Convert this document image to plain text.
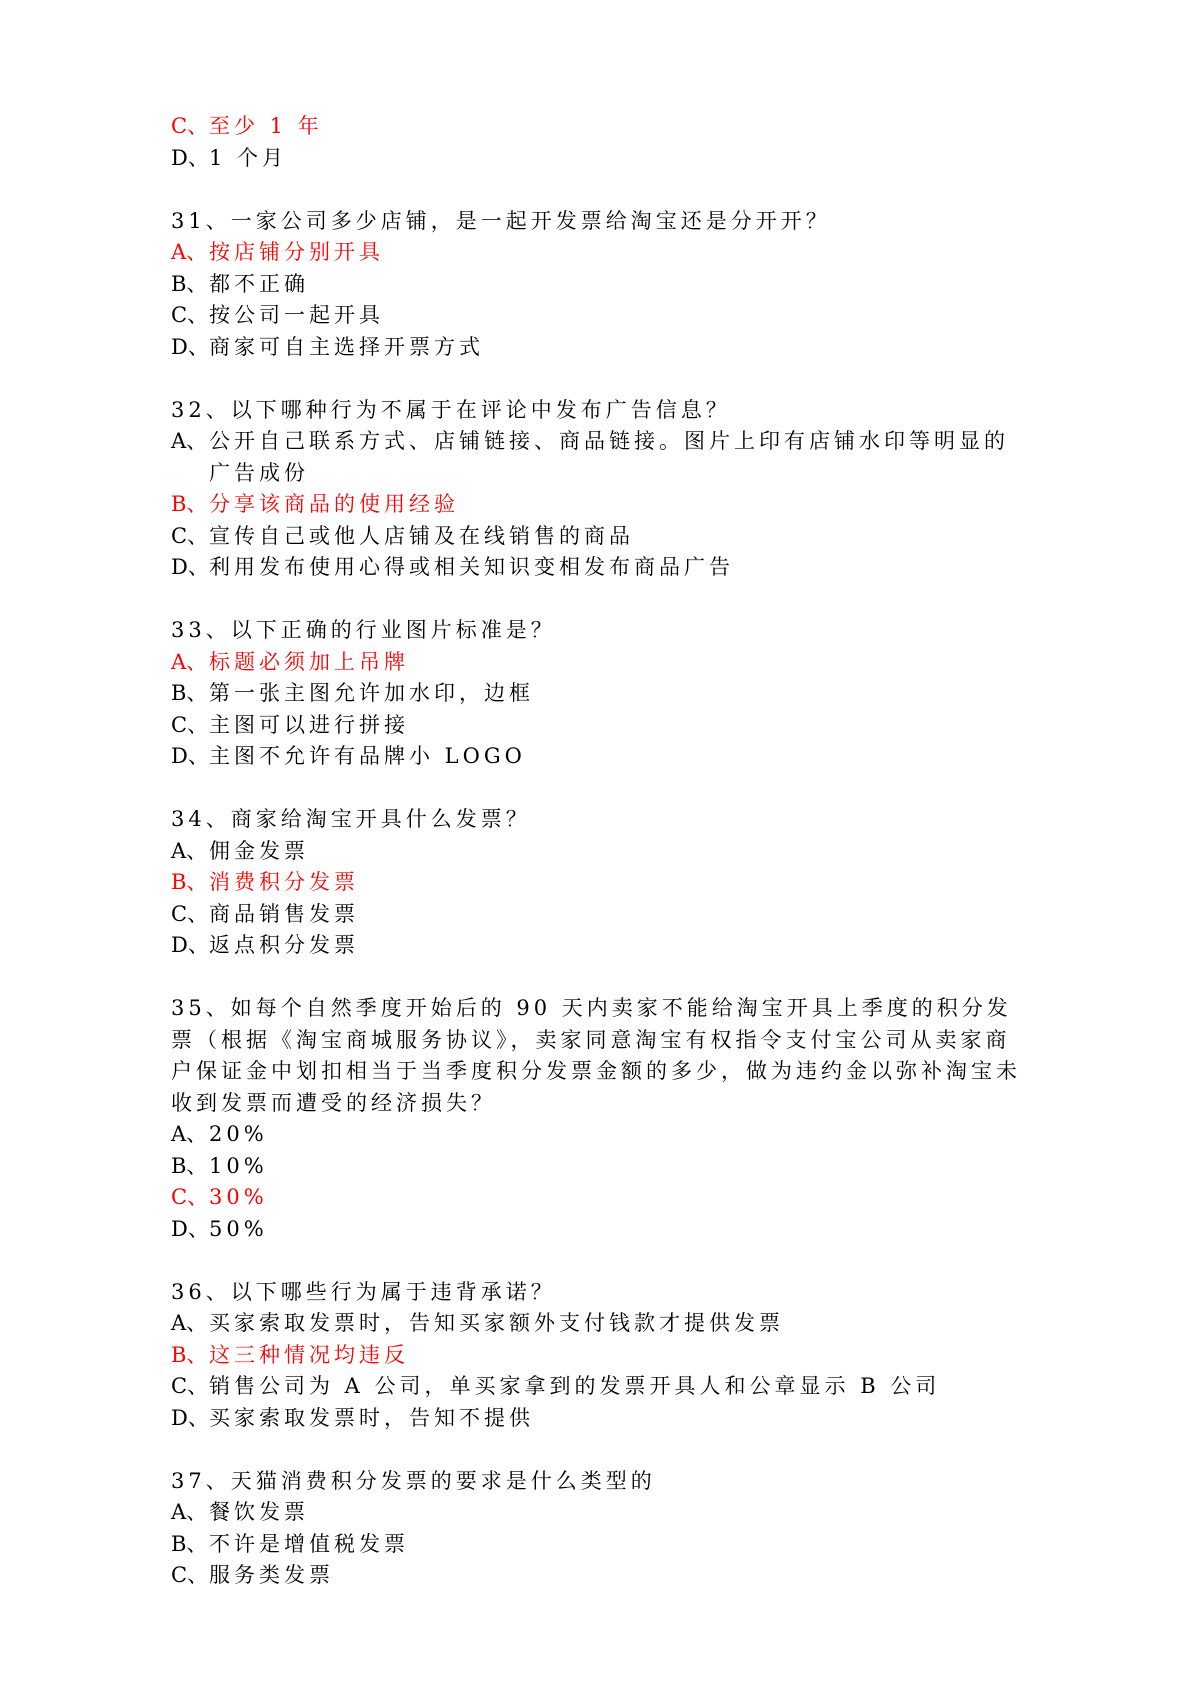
C、 至少 1 年
D、 1 个月
31、一家公司多少店铺，是一起开发票给淘宝还是分开开？
A、 按店铺分别开具
B、 都不正确
C、 按公司一起开具
D、 商家可自主选择开票方式
32、以下哪种行为不属于在评论中发布广告信息？
A、 公开自己联系方式、店铺链接、商品链接。图片上印有店铺水印等明显的广告成份
B、 分享该商品的使用经验
C、 宣传自己或他人店铺及在线销售的商品
D、 利用发布使用心得或相关知识变相发布商品广告
33、以下正确的行业图片标准是？
A、 标题必须加上吊牌
B、 第一张主图允许加水印，边框
C、 主图可以进行拼接
D、 主图不允许有品牌小 LOGO
34、商家给淘宝开具什么发票？
A、 佣金发票
B、 消费积分发票
C、 商品销售发票
D、 返点积分发票
35、如每个自然季度开始后的 90 天内卖家不能给淘宝开具上季度的积分发票（根据《淘宝商城服务协议》，卖家同意淘宝有权指令支付宝公司从卖家商户保证金中划扣相当于当季度积分发票金额的多少，做为违约金以弥补淘宝未收到发票而遭受的经济损失？
A、 20%
B、 10%
C、 30%
D、 50%
36、以下哪些行为属于违背承诺？
A、 买家索取发票时，告知买家额外支付钱款才提供发票
B、 这三种情况均违反
C、 销售公司为 A 公司，单买家拿到的发票开具人和公章显示 B 公司
D、 买家索取发票时，告知不提供
37、天猫消费积分发票的要求是什么类型的
A、 餐饮发票
B、 不许是增值税发票
C、 服务类发票
